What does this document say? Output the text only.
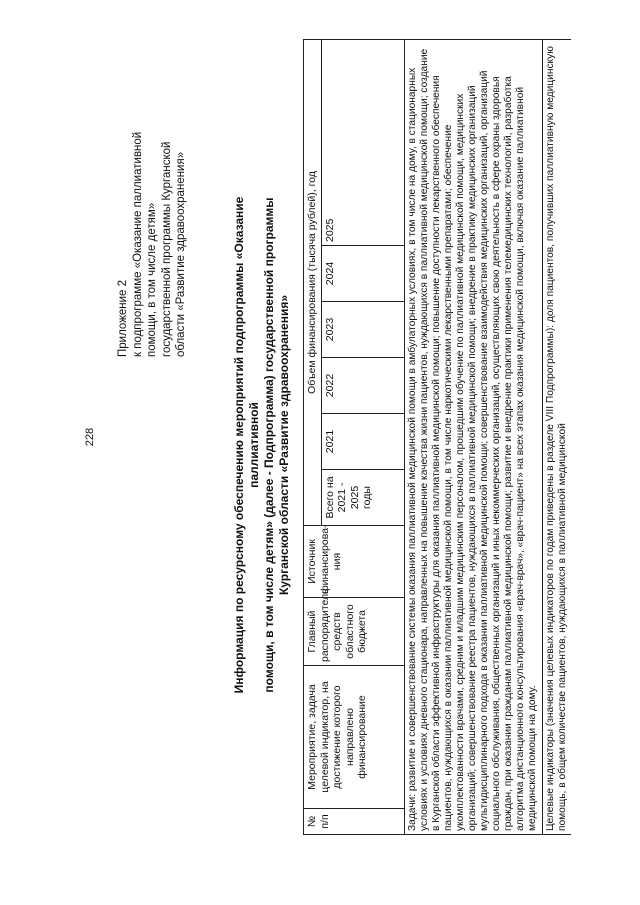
228
Приложение 2 к подпрограмме «Оказание паллиативной помощи, в том числе детям» государственной программы Курганской области «Развитие здравоохранения»	Информация по ресурсному обеспечению мероприятий подпрограммы «Оказание паллиативной помощи, в том числе детям» (далее - Подпрограмма) государственной программы Курганской области «Развитие здравоохранения»
№ п/п	Мероприятие, задача целевой индикатор, на достижение которого направлено финансирование	Главный распорядитель средств областного бюджета	Источник финансирова-ния	Объем финансирования (тысяча рублей), год					
				Всего на 2021 - 2025 годы	2021	2022	2023	2024	2025
Задачи: развитие и совершенствование системы оказания паллиативной медицинской помощи в амбулаторных условиях, в том числе на дому, в стационарных условиях и условиях дневного стационара, направленных на повышение качества жизни пациентов, нуждающихся в паллиативной медицинской помощи; создание в Курганской области эффективной инфраструктуры для оказания паллиативной медицинской помощи; повышение доступности лекарственного обеспечения пациентов, нуждающихся в оказании паллиативной медицинской помощи, в том числе наркотическими лекарственными препаратами; обеспечение укомплектованности врачами, средним и младшим медицинским персоналом, прошедшим обучение по паллиативной медицинской помощи, медицинских организаций; совершенствование реестра пациентов, нуждающихся в паллиативной медицинской помощи; внедрение в практику медицинских организаций мультидисциплинарного подхода в оказании паллиативной медицинской помощи; совершенствование взаимодействия медицинских организаций, организаций социального обслуживания, общественных организаций и иных некоммерческих организаций, осуществляющих свою деятельность в сфере охраны здоровья граждан, при оказании гражданам паллиативной медицинской помощи; развитие и внедрение практики применения телемедицинских технологий, разработка алгоритма дистанционного консультирования «врач-врач», «врач-пациент» на всех этапах оказания медицинской помощи, включая оказание паллиативной медицинской помощи на дому.									
Целевые индикаторы (значения целевых индикаторов по годам приведены в разделе VIII Подпрограммы): доля пациентов, получивших паллиативную медицинскую помощь, в общем количестве пациентов, нуждающихся в паллиативной медицинской									
